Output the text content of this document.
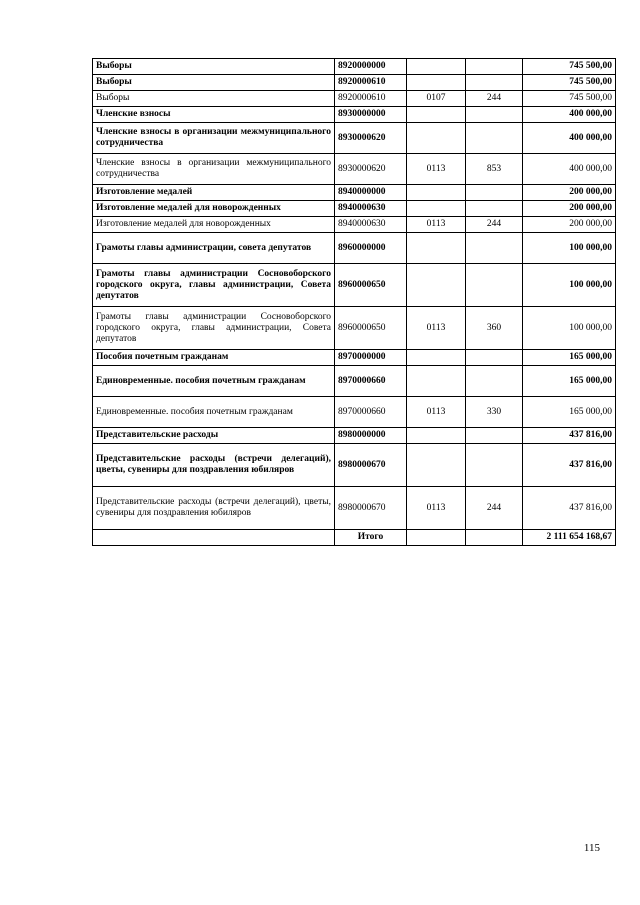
Выборы	8920000000			745 500,00
Выборы	8920000610			745 500,00
Выборы	8920000610	0107	244	745 500,00
Членские взносы	8930000000			400 000,00
Членские взносы в организации межмуниципального сотрудничества	8930000620			400 000,00
Членские взносы в организации межмуниципального сотрудничества	8930000620	0113	853	400 000,00
Изготовление медалей	8940000000			200 000,00
Изготовление медалей для новорожденных	8940000630			200 000,00
Изготовление медалей для новорожденных	8940000630	0113	244	200 000,00
Грамоты главы администрации, совета депутатов	8960000000			100 000,00
Грамоты главы администрации Сосновоборского городского округа, главы администрации, Совета депутатов	8960000650			100 000,00
Грамоты главы администрации Сосновоборского городского округа, главы администрации, Совета депутатов	8960000650	0113	360	100 000,00
Пособия почетным гражданам	8970000000			165 000,00
Единовременные. пособия почетным гражданам	8970000660			165 000,00
Единовременные. пособия почетным гражданам	8970000660	0113	330	165 000,00
Представительские расходы	8980000000			437 816,00
Представительские расходы (встречи делегаций), цветы, сувениры для поздравления юбиляров	8980000670			437 816,00
Представительские расходы (встречи делегаций), цветы, сувениры для поздравления юбиляров	8980000670	0113	244	437 816,00
	Итого			2 111 654 168,67
115
